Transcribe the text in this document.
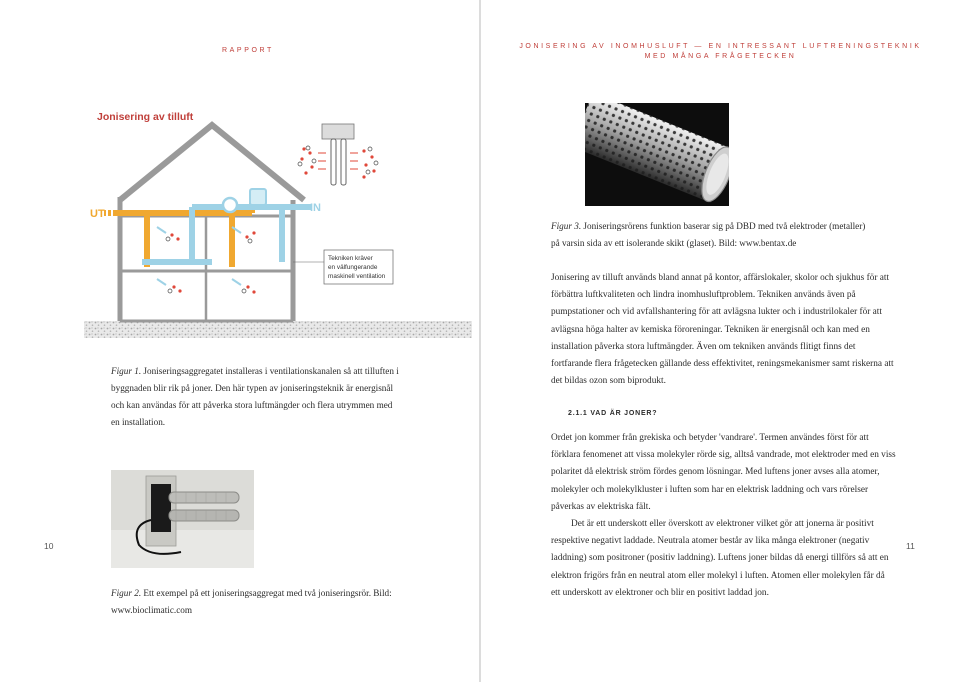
RAPPORT
Jonisering av tilluft
UT	IN
Tekniken kräver en välfungerande maskinell ventilation
Figur 1. Joniseringsaggregatet installeras i ventilationskanalen så att tilluften i byggnaden blir rik på joner. Den här typen av joniseringsteknik är energisnål och kan användas för att påverka stora luftmängder och flera utrymmen med en installation.
Figur 2. Ett exempel på ett joniseringsaggregat med två joniseringsrör. Bild: www.bioclimatic.com
10
JONISERING AV INOMHUSLUFT — EN INTRESSANT LUFTRENINGSTEKNIK
MED MÅNGA FRÅGETECKEN
Figur 3. Joniseringsrörens funktion baserar sig på DBD med två elektroder (metaller) på varsin sida av ett isolerande skikt (glaset). Bild: www.bentax.de
Jonisering av tilluft används bland annat på kontor, affärslokaler, skolor och sjukhus för att förbättra luftkvaliteten och lindra inomhusluftproblem. Tekniken används även på pumpstationer och vid avfallshantering för att avlägsna lukter och i industrilokaler för att avlägsna höga halter av kemiska föroreningar. Tekniken är energisnål och kan med en installation påverka stora luftmängder. Även om tekniken används flitigt finns det fortfarande flera frågetecken gällande dess effektivitet, reningsmekanismer samt riskerna att det bildas ozon som biprodukt.
2.1.1 VAD ÄR JONER?
Ordet jon kommer från grekiska och betyder 'vandrare'. Termen användes först för att förklara fenomenet att vissa molekyler rörde sig, alltså vandrade, mot elektroder med en viss polaritet då elektrisk ström fördes genom lösningar. Med luftens joner avses alla atomer, molekyler och molekylkluster i luften som har en elektrisk laddning och vars rörelser påverkas av elektriska fält.
Det är ett underskott eller överskott av elektroner vilket gör att jonerna är positivt respektive negativt laddade. Neutrala atomer består av lika många elektroner (negativ laddning) som positroner (positiv laddning). Luftens joner bildas då energi tillförs så att en elektron frigörs från en neutral atom eller molekyl i luften. Atomen eller molekylen får då ett underskott av elektroner och blir en positivt laddad jon.
11
